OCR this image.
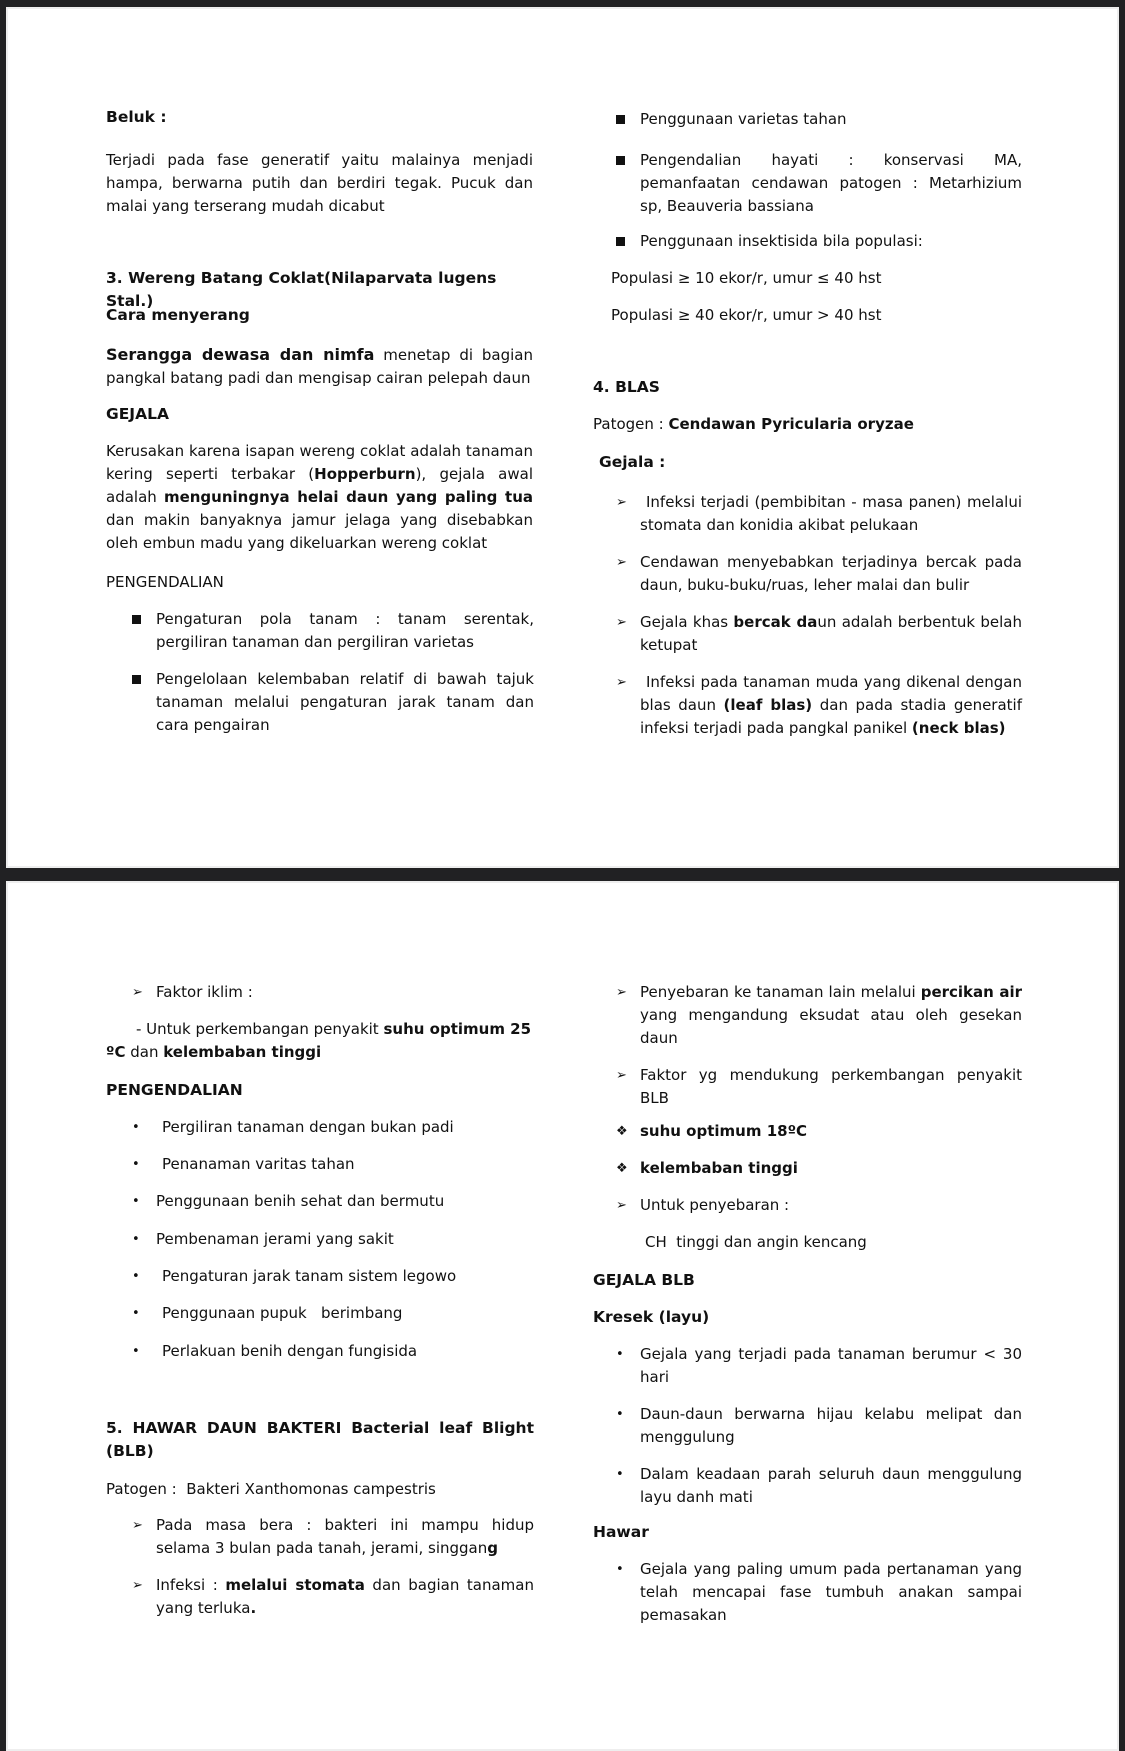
Beluk :
Terjadi pada fase generatif yaitu malainya menjadi hampa, berwarna putih dan berdiri tegak. Pucuk dan malai yang terserang mudah dicabut
3. Wereng Batang Coklat(Nilaparvata lugens Stal.)
Cara menyerang
Serangga dewasa dan nimfa menetap di bagian pangkal batang padi dan mengisap cairan pelepah daun
GEJALA
Kerusakan karena isapan wereng coklat adalah tanaman kering seperti terbakar (Hopperburn), gejala awal adalah menguningnya helai daun yang paling tua dan makin banyaknya jamur jelaga yang disebabkan oleh embun madu yang dikeluarkan wereng coklat
PENGENDALIAN
Pengaturan pola tanam : tanam serentak, pergiliran tanaman dan pergiliran varietas
Pengelolaan kelembaban relatif di bawah tajuk tanaman melalui pengaturan jarak tanam dan cara pengairan
Penggunaan varietas tahan
Pengendalian hayati : konservasi MA, pemanfaatan cendawan patogen : Metarhizium sp, Beauveria bassiana
Penggunaan insektisida bila populasi:
Populasi ≥ 10 ekor/r, umur ≤ 40 hst
Populasi ≥ 40 ekor/r, umur > 40 hst
4. BLAS
Patogen : Cendawan Pyricularia oryzae
Gejala :
➢	Infeksi terjadi (pembibitan - masa panen) melalui stomata dan konidia akibat pelukaan
➢ Cendawan menyebabkan terjadinya bercak pada daun, buku-buku/ruas, leher malai dan bulir
➢ Gejala khas bercak daun adalah berbentuk belah ketupat
➢	Infeksi pada tanaman muda yang dikenal dengan blas daun (leaf blas) dan pada stadia generatif infeksi terjadi pada pangkal panikel (neck blas)
➢ Faktor iklim :
- Untuk perkembangan penyakit suhu optimum 25 ºC dan kelembaban tinggi
PENGENDALIAN
• Pergiliran tanaman dengan bukan padi
• Penanaman varitas tahan
• Penggunaan benih sehat dan bermutu
• Pembenaman jerami yang sakit
• Pengaturan jarak tanam sistem legowo
• Penggunaan pupuk   berimbang
• Perlakuan benih dengan fungisida
5. HAWAR DAUN BAKTERI Bacterial leaf Blight (BLB)
Patogen :  Bakteri Xanthomonas campestris
➢ Pada masa bera : bakteri ini mampu hidup selama 3 bulan pada tanah, jerami, singgang
➢ Infeksi : melalui stomata dan bagian tanaman yang terluka.
➢ Penyebaran ke tanaman lain melalui percikan air yang mengandung eksudat atau oleh gesekan daun
➢ Faktor yg mendukung perkembangan penyakit BLB
❖ suhu optimum 18ºC
❖ kelembaban tinggi
➢ Untuk penyebaran :
CH  tinggi dan angin kencang
GEJALA BLB
Kresek (layu)
• Gejala yang terjadi pada tanaman berumur < 30 hari
• Daun-daun berwarna hijau kelabu melipat dan menggulung
• Dalam keadaan parah seluruh daun menggulung layu danh mati
Hawar
• Gejala yang paling umum pada pertanaman yang telah mencapai fase tumbuh anakan sampai pemasakan
